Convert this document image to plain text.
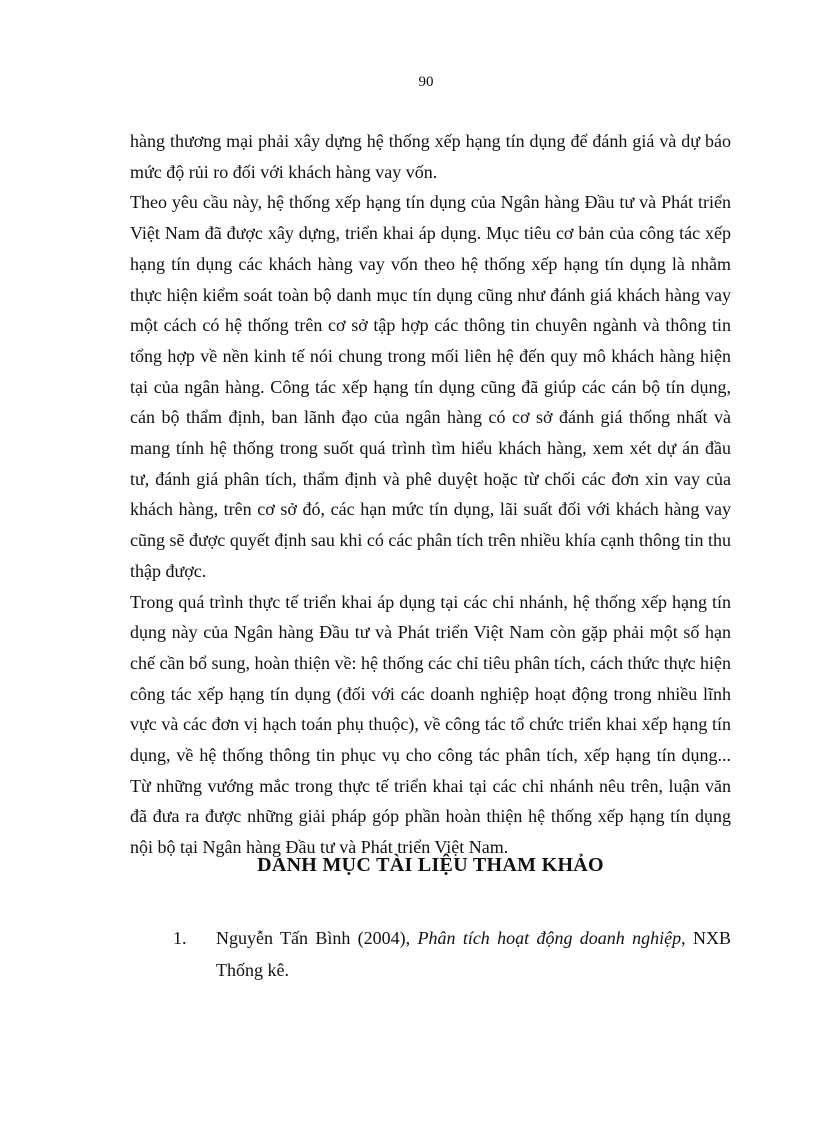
90

hàng thương mại phải xây dựng hệ thống xếp hạng tín dụng để đánh giá và dự báo mức độ rủi ro đối với khách hàng vay vốn.

Theo yêu cầu này, hệ thống xếp hạng tín dụng của Ngân hàng Đầu tư và Phát triển Việt Nam đã được xây dựng, triển khai áp dụng. Mục tiêu cơ bản của công tác xếp hạng tín dụng các khách hàng vay vốn theo hệ thống xếp hạng tín dụng là nhằm thực hiện kiểm soát toàn bộ danh mục tín dụng cũng như đánh giá khách hàng vay một cách có hệ thống trên cơ sở tập hợp các thông tin chuyên ngành và thông tin tổng hợp về nền kinh tế nói chung trong mối liên hệ đến quy mô khách hàng hiện tại của ngân hàng. Công tác xếp hạng tín dụng cũng đã giúp các cán bộ tín dụng, cán bộ thẩm định, ban lãnh đạo của ngân hàng có cơ sở đánh giá thống nhất và mang tính hệ thống trong suốt quá trình tìm hiểu khách hàng, xem xét dự án đầu tư, đánh giá phân tích, thẩm định và phê duyệt hoặc từ chối các đơn xin vay của khách hàng, trên cơ sở đó, các hạn mức tín dụng, lãi suất đối với khách hàng vay cũng sẽ được quyết định sau khi có các phân tích trên nhiều khía cạnh thông tin thu thập được.

Trong quá trình thực tế triển khai áp dụng tại các chi nhánh, hệ thống xếp hạng tín dụng này của Ngân hàng Đầu tư và Phát triển Việt Nam còn gặp phải một số hạn chế cần bổ sung, hoàn thiện về: hệ thống các chỉ tiêu phân tích, cách thức thực hiện công tác xếp hạng tín dụng (đối với các doanh nghiệp hoạt động trong nhiều lĩnh vực và các đơn vị hạch toán phụ thuộc), về công tác tổ chức triển khai xếp hạng tín dụng, về hệ thống thông tin phục vụ cho công tác phân tích, xếp hạng tín dụng... Từ những vướng mắc trong thực tế triển khai tại các chi nhánh nêu trên, luận văn đã đưa ra được những giải pháp góp phần hoàn thiện hệ thống xếp hạng tín dụng nội bộ tại Ngân hàng Đầu tư và Phát triển Việt Nam.

DANH MỤC TÀI LIỆU THAM KHẢO
1. Nguyễn Tấn Bình (2004), Phân tích hoạt động doanh nghiệp, NXB Thống kê.
